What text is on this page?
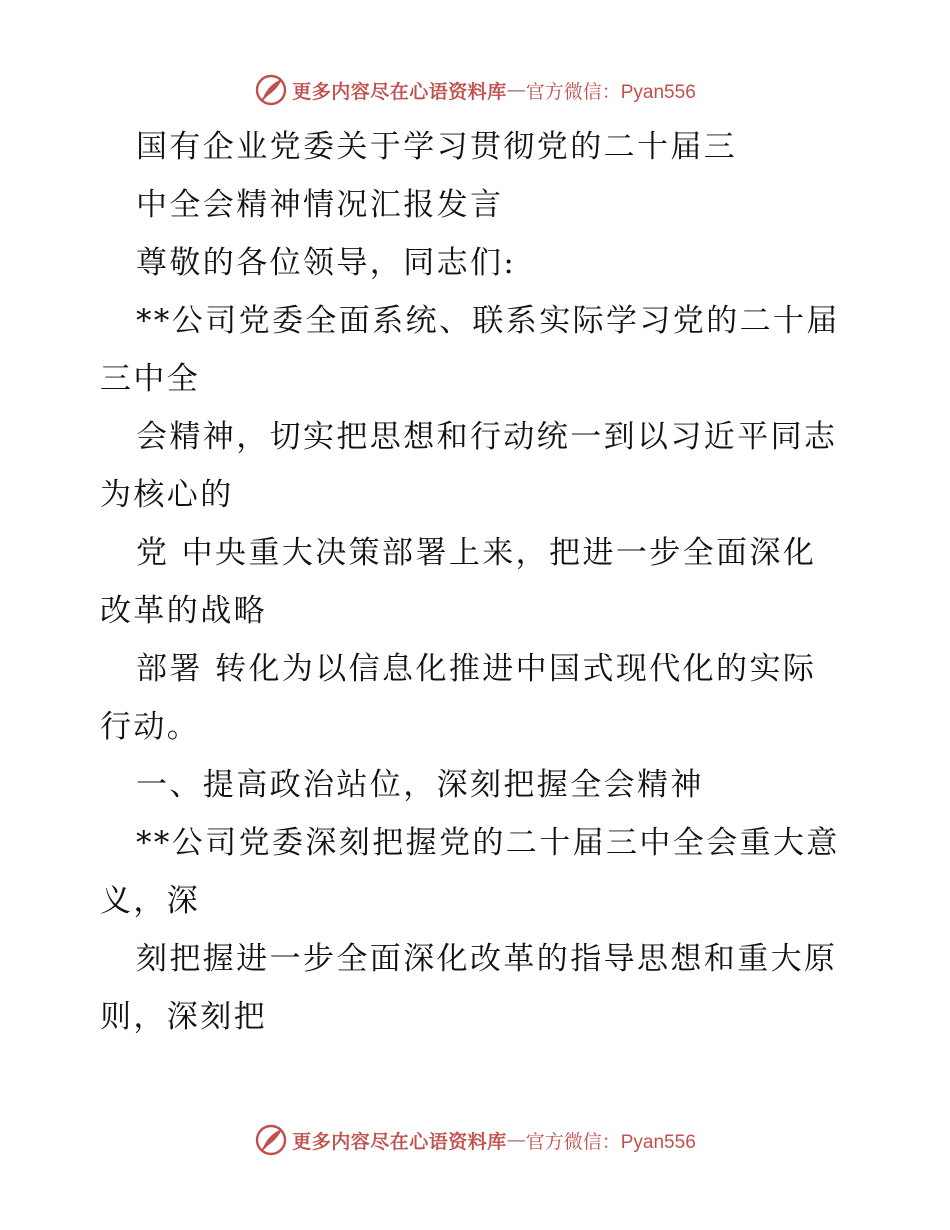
更多内容尽在心语资料库 — 官方微信：Pyan556
国有企业党委关于学习贯彻党的二十届三
中全会精神情况汇报发言
尊敬的各位领导，同志们:
**公司党委全面系统、联系实际学习党的二十届
三中全
会精神，切实把思想和行动统一到以习近平同志
为核心的
党 中央重大决策部署上来，把进一步全面深化
改革的战略
部署 转化为以信息化推进中国式现代化的实际
行动。
一、提高政治站位，深刻把握全会精神
**公司党委深刻把握党的二十届三中全会重大意
义，深
刻把握进一步全面深化改革的指导思想和重大原
则，深刻把
更多内容尽在心语资料库 — 官方微信：Pyan556
